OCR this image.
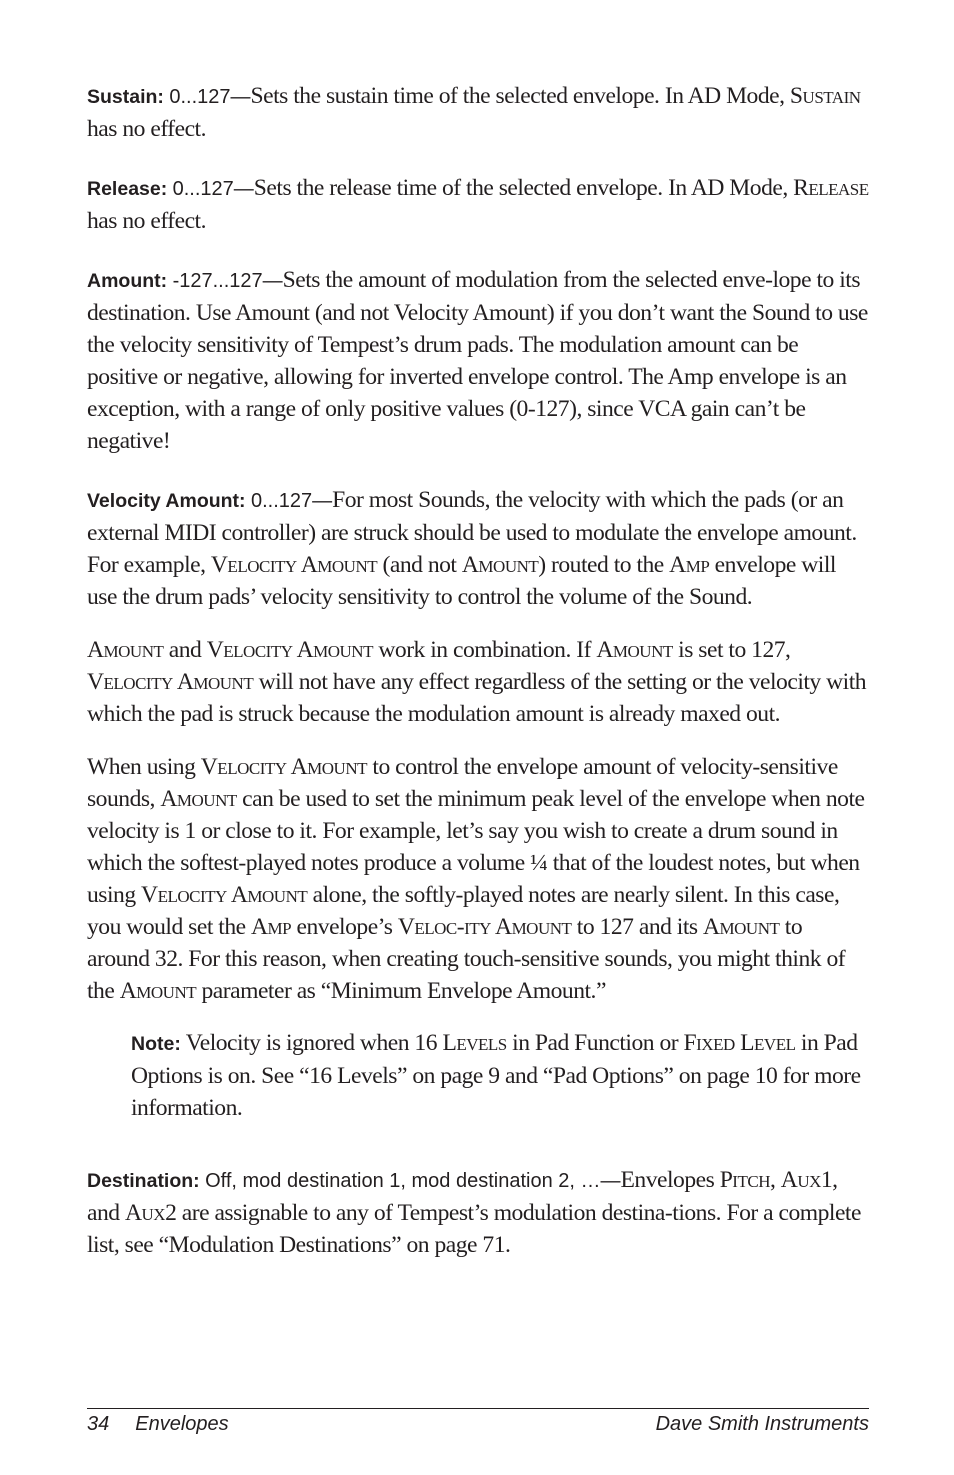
Sustain: 0...127—Sets the sustain time of the selected envelope. In AD Mode, Sustain has no effect.

Release: 0...127—Sets the release time of the selected envelope. In AD Mode, Release has no effect.

Amount: -127...127—Sets the amount of modulation from the selected enve-lope to its destination. Use Amount (and not Velocity Amount) if you don’t want the Sound to use the velocity sensitivity of Tempest’s drum pads. The modulation amount can be positive or negative, allowing for inverted envelope control. The Amp envelope is an exception, with a range of only positive values (0-127), since VCA gain can’t be negative!

Velocity Amount: 0...127—For most Sounds, the velocity with which the pads (or an external MIDI controller) are struck should be used to modulate the envelope amount. For example, Velocity Amount (and not Amount) routed to the Amp envelope will use the drum pads’ velocity sensitivity to control the volume of the Sound.

Amount and Velocity Amount work in combination. If Amount is set to 127, Velocity Amount will not have any effect regardless of the setting or the velocity with which the pad is struck because the modulation amount is already maxed out.

When using Velocity Amount to control the envelope amount of velocity-sensitive sounds, Amount can be used to set the minimum peak level of the envelope when note velocity is 1 or close to it. For example, let’s say you wish to create a drum sound in which the softest-played notes produce a volume ¼ that of the loudest notes, but when using Velocity Amount alone, the softly-played notes are nearly silent. In this case, you would set the Amp envelope’s Veloc-ity Amount to 127 and its Amount to around 32. For this reason, when creating touch-sensitive sounds, you might think of the Amount parameter as “Minimum Envelope Amount.”

Note: Velocity is ignored when 16 Levels in Pad Function or Fixed Level in Pad Options is on. See “16 Levels” on page 9 and “Pad Options” on page 10 for more information.

Destination: Off, mod destination 1, mod destination 2, …—Envelopes Pitch, Aux1, and Aux2 are assignable to any of Tempest’s modulation destina-tions. For a complete list, see “Modulation Destinations” on page 71.

34 Envelopes	Dave Smith Instruments
